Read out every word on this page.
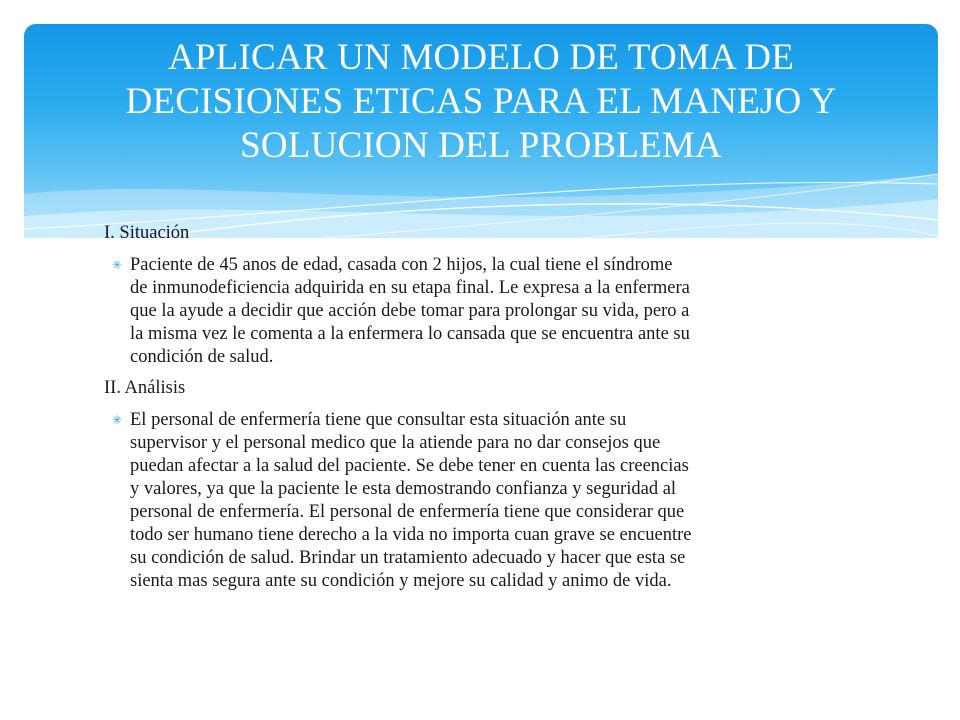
APLICAR UN MODELO DE TOMA DE
DECISIONES ETICAS PARA EL MANEJO Y
SOLUCION DEL PROBLEMA
I. Situación
✳ Paciente de 45 anos de edad, casada con 2 hijos, la cual tiene el síndrome
de inmunodeficiencia adquirida en su etapa final. Le expresa a la enfermera
que la ayude a decidir que acción debe tomar para prolongar su vida, pero a
la misma vez le comenta a la enfermera lo cansada que se encuentra ante su
condición de salud.
II. Análisis
✳ El personal de enfermería tiene que consultar esta situación ante su
supervisor y el personal medico que la atiende para no dar consejos que
puedan afectar a la salud del paciente. Se debe tener en cuenta las creencias
y valores, ya que la paciente le esta demostrando confianza y seguridad al
personal de enfermería. El personal de enfermería tiene que considerar que
todo ser humano tiene derecho a la vida no importa cuan grave se encuentre
su condición de salud. Brindar un tratamiento adecuado y hacer que esta se
sienta mas segura ante su condición y mejore su calidad y animo de vida.
